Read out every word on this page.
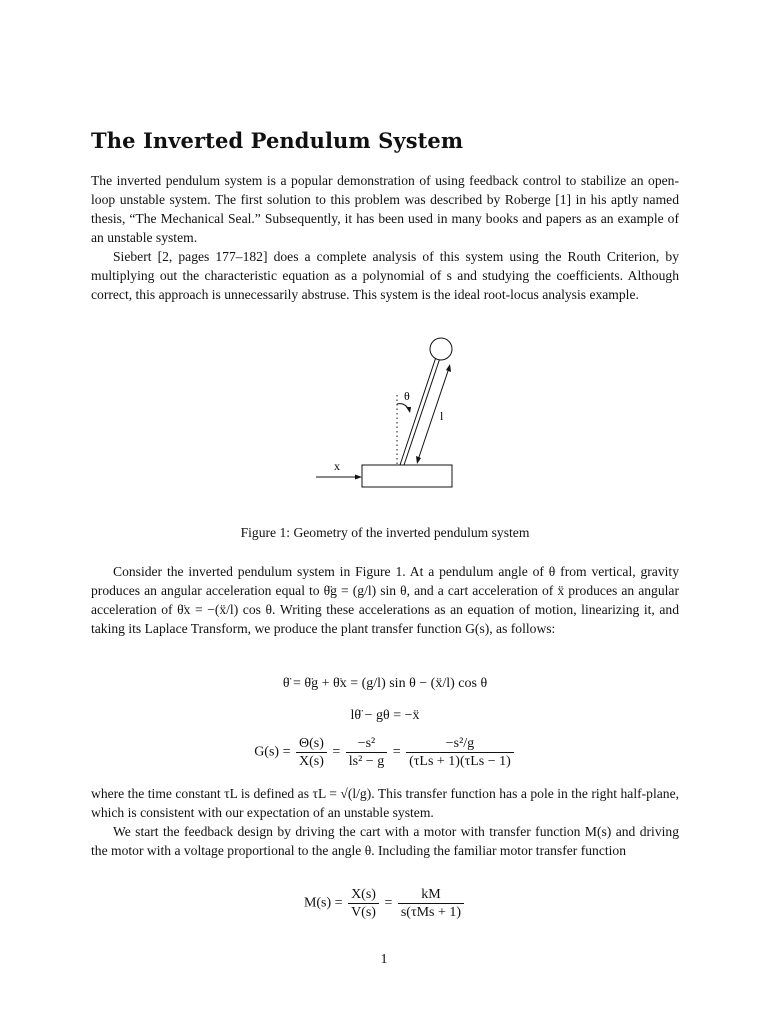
The Inverted Pendulum System

The inverted pendulum system is a popular demonstration of using feedback control to stabilize an open-loop unstable system. The first solution to this problem was described by Roberge [1] in his aptly named thesis, “The Mechanical Seal.” Subsequently, it has been used in many books and papers as an example of an unstable system.

Siebert [2, pages 177–182] does a complete analysis of this system using the Routh Criterion, by multiplying out the characteristic equation as a polynomial of s and studying the coefficients. Although correct, this approach is unnecessarily abstruse. This system is the ideal root-locus analysis example.

x
l
θ
Figure 1: Geometry of the inverted pendulum system
Consider the inverted pendulum system in Figure 1. At a pendulum angle of θ from vertical, gravity produces an angular acceleration equal to θ̈g = (g/l) sin θ, and a cart acceleration of ẍ produces an angular acceleration of θ̈x = −(ẍ/l) cos θ. Writing these accelerations as an equation of motion, linearizing it, and taking its Laplace Transform, we produce the plant transfer function G(s), as follows:
θ̈ = θ̈g + θ̈x = (g/l) sin θ − (ẍ/l) cos θ
lθ̈ − gθ = −ẍ
$G(s) = \frac{\Theta(s)}{X(s)} = \frac{\text{−s²}}{\text{ls² − g}} = \frac{\text{−s²/g}}{\text{(τLs + 1)(τLs − 1)}}$
where the time constant τL is defined as τL = √(l/g). This transfer function has a pole in the right half-plane, which is consistent with our expectation of an unstable system.
We start the feedback design by driving the cart with a motor with transfer function M(s) and driving the motor with a voltage proportional to the angle θ. Including the familiar motor transfer function
$M(s) = \frac{X(s)}{V(s)} = \frac{kM}{\text{s(τMs + 1)}}$
1
